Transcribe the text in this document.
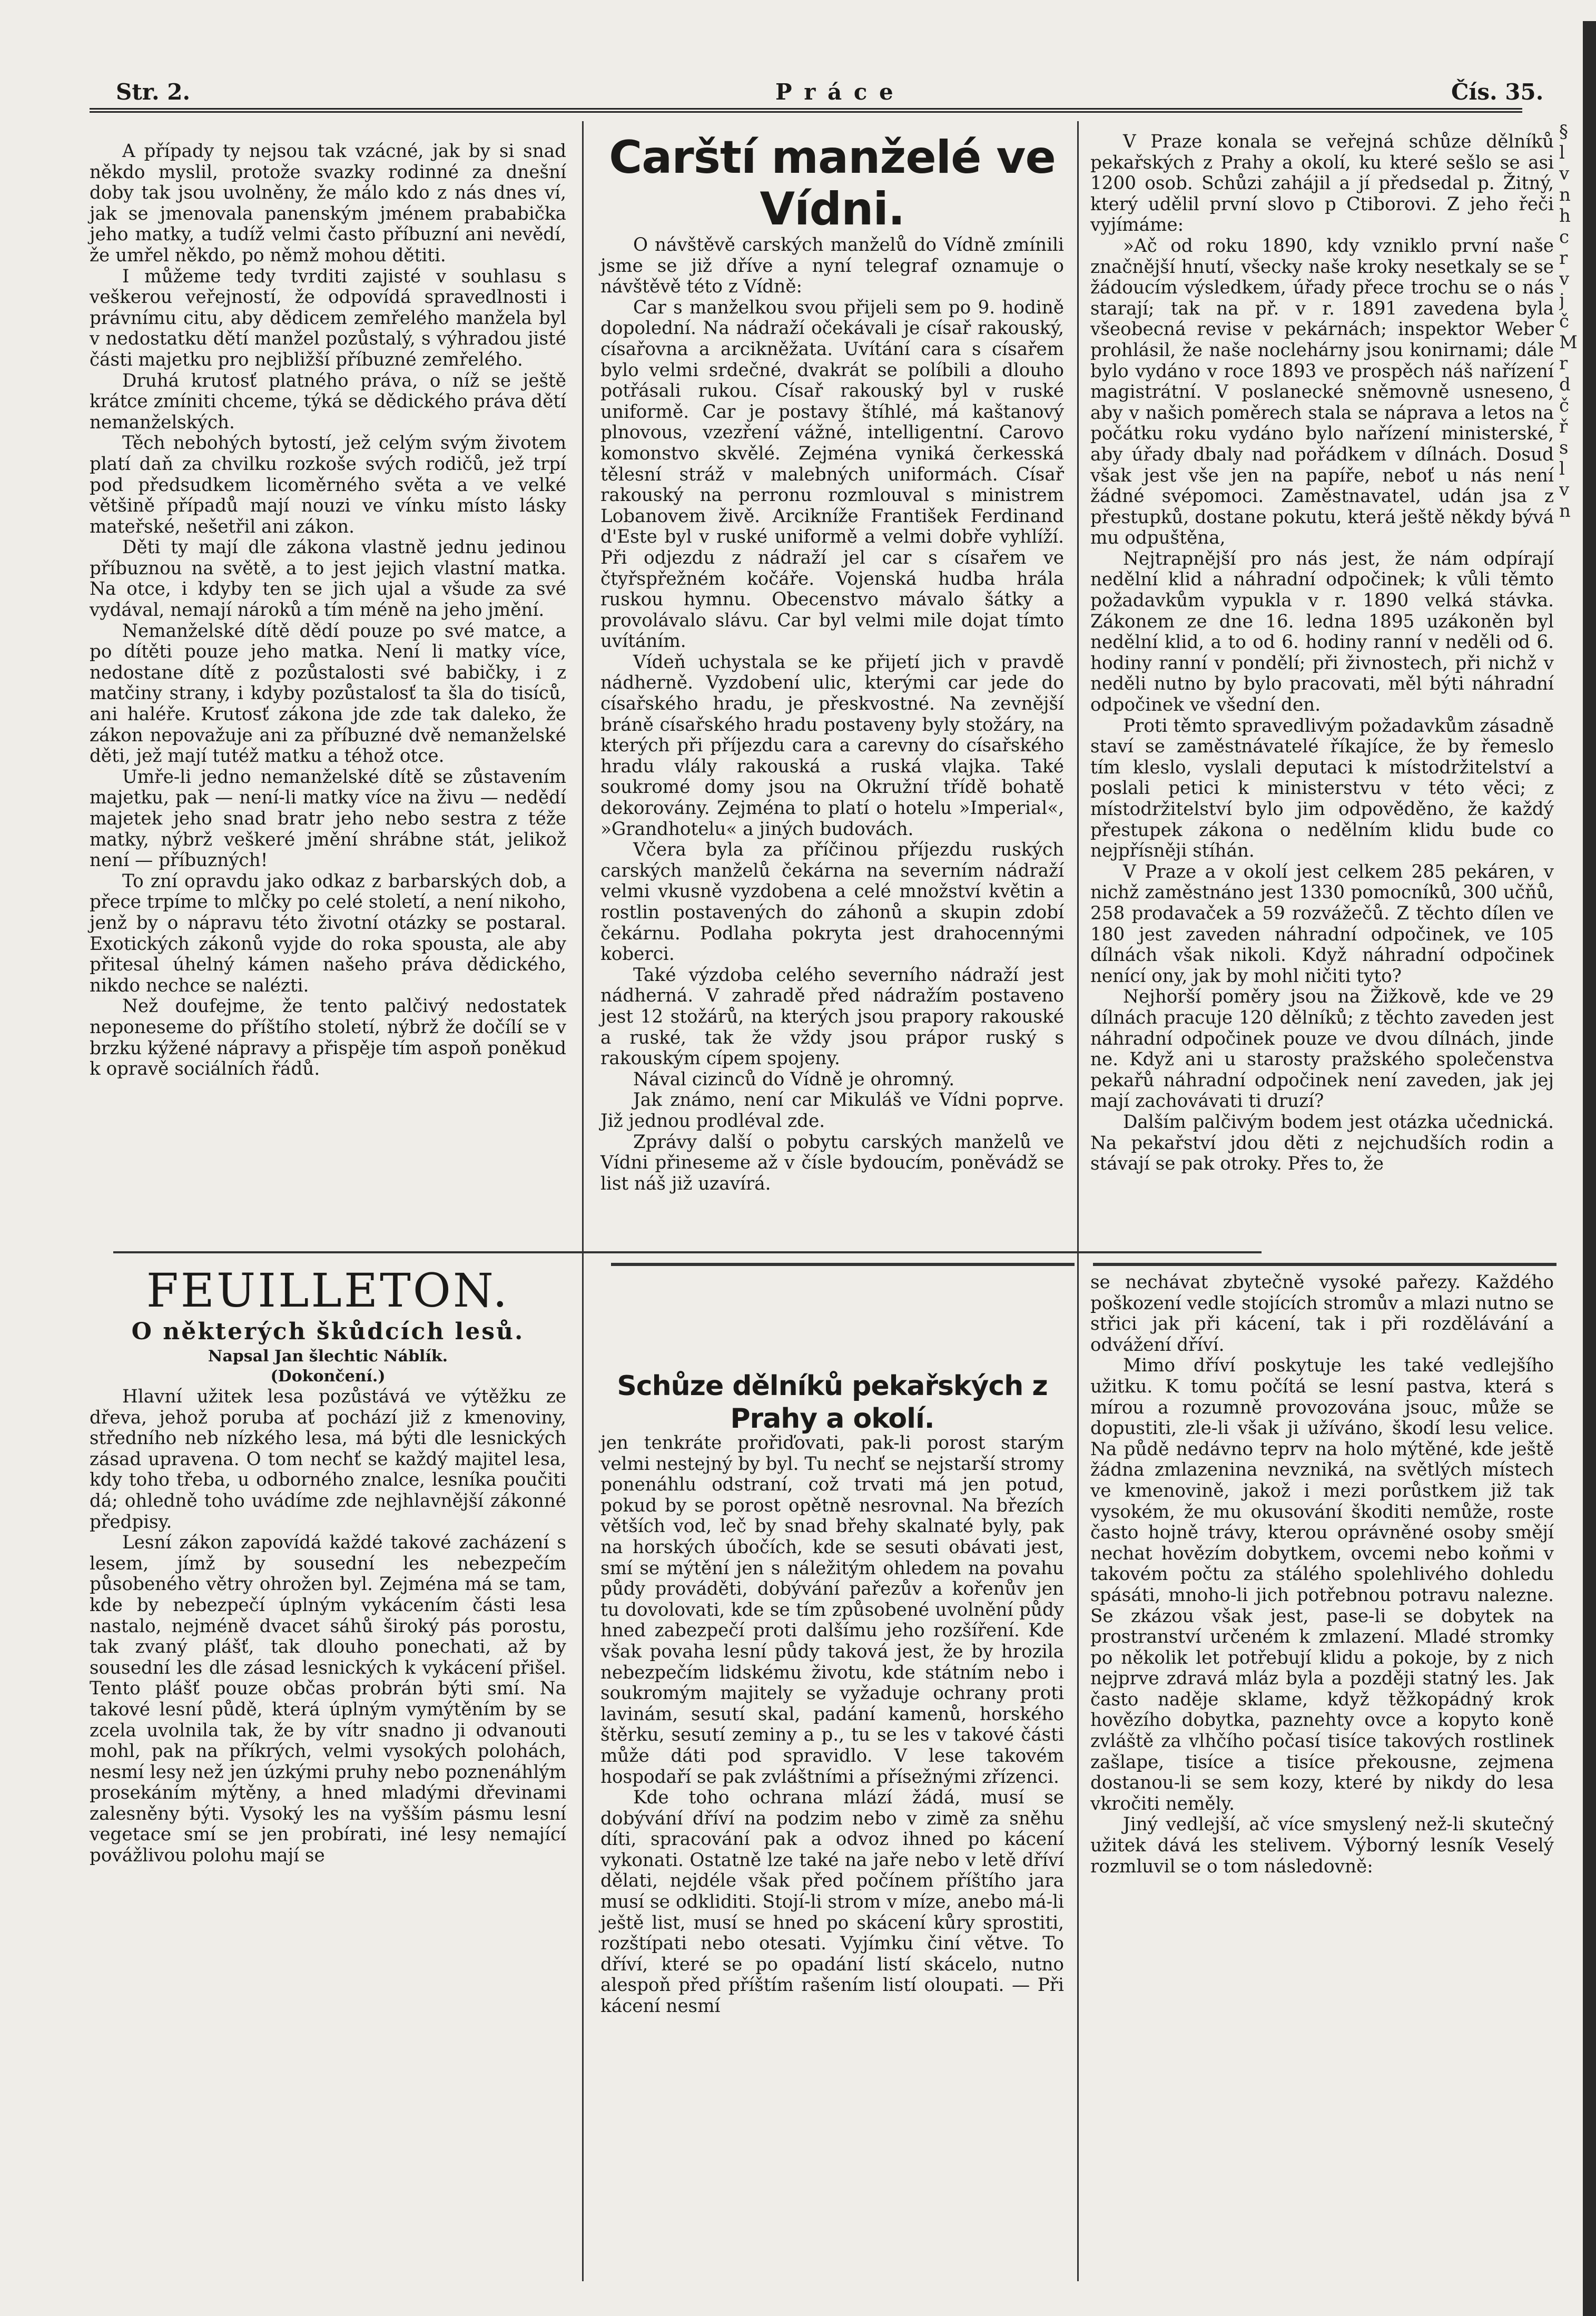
Str. 2.	P r á c e	Čís. 35.

A případy ty nejsou tak vzácné, jak by si snad někdo myslil, protože svazky rodinné za dnešní doby tak jsou uvolněny, že málo kdo z nás dnes ví, jak se jmenovala panenským jménem prababička jeho matky, a tudíž velmi často příbuzní ani nevědí, že umřel někdo, po němž mohou dětiti.

I můžeme tedy tvrditi zajisté v souhlasu s veškerou veřejností, že odpovídá spravedlnosti i právnímu citu, aby dědicem zemřelého manžela byl v nedostatku dětí manžel pozůstalý, s výhradou jisté části majetku pro nejbližší příbuzné zemřelého.

Druhá krutosť platného práva, o níž se ještě krátce zmíniti chceme, týká se dědického práva dětí nemanželských.

Těch nebohých bytostí, jež celým svým životem platí daň za chvilku rozkoše svých rodičů, jež trpí pod předsudkem licoměrného světa a ve velké většině případů mají nouzi ve vínku místo lásky mateřské, nešetřil ani zákon.

Děti ty mají dle zákona vlastně jednu jedinou příbuznou na světě, a to jest jejich vlastní matka. Na otce, i kdyby ten se jich ujal a všude za své vydával, nemají nároků a tím méně na jeho jmění.

Nemanželské dítě dědí pouze po své matce, a po dítěti pouze jeho matka. Není li matky více, nedostane dítě z pozůstalosti své babičky, i z matčiny strany, i kdyby pozůstalosť ta šla do tisíců, ani haléře. Krutosť zákona jde zde tak daleko, že zákon nepovažuje ani za příbuzné dvě nemanželské děti, jež mají tutéž matku a téhož otce.

Umře-li jedno nemanželské dítě se zůstavením majetku, pak — není-li matky více na živu — nedědí majetek jeho snad bratr jeho nebo sestra z téže matky, nýbrž veškeré jmění shrábne stát, jelikož není — příbuzných!

To zní opravdu jako odkaz z barbarských dob, a přece trpíme to mlčky po celé století, a není nikoho, jenž by o nápravu této životní otázky se postaral. Exotických zákonů vyjde do roka spousta, ale aby přitesal úhelný kámen našeho práva dědického, nikdo nechce se nalézti.

Než doufejme, že tento palčivý nedostatek neponeseme do příštího století, nýbrž že dočílí se v brzku kýžené nápravy a přispěje tím aspoň poněkud k opravě sociálních řádů.

FEUILLETON.
O některých škůdcích lesů.
Napsal Jan šlechtic Náblík.
(Dokončení.)

Hlavní užitek lesa pozůstává ve výtěžku ze dřeva, jehož poruba ať pochází již z kmenoviny, středního neb nízkého lesa, má býti dle lesnických zásad upravena. O tom nechť se každý majitel lesa, kdy toho třeba, u odborného znalce, lesníka poučiti dá; ohledně toho uvádíme zde nejhlavnější zákonné předpisy.

Lesní zákon zapovídá každé takové zacházení s lesem, jímž by sousední les nebezpečím působeného větry ohrožen byl. Zejména má se tam, kde by nebezpečí úplným vykácením části lesa nastalo, nejméně dvacet sáhů široký pás porostu, tak zvaný plášť, tak dlouho ponechati, až by sousední les dle zásad lesnických k vykácení přišel. Tento plášť pouze občas probrán býti smí. Na takové lesní půdě, která úplným vymýtěním by se zcela uvolnila tak, že by vítr snadno ji odvanouti mohl, pak na příkrých, velmi vysokých polohách, nesmí lesy než jen úzkými pruhy nebo poznenáhlým prosekáním mýtěny, a hned mladými dřevinami zalesněny býti. Vysoký les na vyšším pásmu lesní vegetace smí se jen probírati, iné lesy nemající povážlivou polohu mají se

Carští manželé ve Vídni.

O návštěvě carských manželů do Vídně zmínili jsme se již dříve a nyní telegraf oznamuje o návštěvě této z Vídně:

Car s manželkou svou přijeli sem po 9. hodině dopolední. Na nádraží očekávali je císař rakouský, císařovna a arcikněžata. Uvítání cara s císařem bylo velmi srdečné, dvakrát se políbili a dlouho potřásali rukou. Císař rakouský byl v ruské uniformě. Car je postavy štíhlé, má kaštanový plnovous, vzezření vážné, intelligentní. Carovo komonstvo skvělé. Zejména vyniká čerkesská tělesní stráž v malebných uniformách. Císař rakouský na perronu rozmlouval s ministrem Lobanovem živě. Arcikníže František Ferdinand d'Este byl v ruské uniformě a velmi dobře vyhlíží. Při odjezdu z nádraží jel car s císařem ve čtyřspřežném kočáře. Vojenská hudba hrála ruskou hymnu. Obecenstvo mávalo šátky a provolávalo slávu. Car byl velmi mile dojat tímto uvítáním.

Vídeň uchystala se ke přijetí jich v pravdě nádherně. Vyzdobení ulic, kterými car jede do císařského hradu, je přeskvostné. Na zevnější bráně císařského hradu postaveny byly stožáry, na kterých při příjezdu cara a carevny do císařského hradu vlály rakouská a ruská vlajka. Také soukromé domy jsou na Okružní třídě bohatě dekorovány. Zejména to platí o hotelu »Imperial«, »Grandhotelu« a jiných budovách.

Včera byla za příčinou příjezdu ruských carských manželů čekárna na severním nádraží velmi vkusně vyzdobena a celé množství květin a rostlin postavených do záhonů a skupin zdobí čekárnu. Podlaha pokryta jest drahocennými koberci.

Také výzdoba celého severního nádraží jest nádherná. V zahradě před nádražím postaveno jest 12 stožárů, na kterých jsou prapory rakouské a ruské, tak že vždy jsou prápor ruský s rakouským cípem spojeny.

Nával cizinců do Vídně je ohromný.

Jak známo, není car Mikuláš ve Vídni poprve. Již jednou prodléval zde.

Zprávy další o pobytu carských manželů ve Vídni přineseme až v čísle bydoucím, poněvádž se list náš již uzavírá.

Schůze dělníků pekařských z Prahy a okolí.

V Praze konala se veřejná schůze dělníků pekařských z Prahy a okolí, ku které sešlo se asi 1200 osob. Schůzi zahájil a jí předsedal p. Žitný, který udělil první slovo p Ctiborovi. Z jeho řeči vyjímáme:

»Ač od roku 1890, kdy vzniklo první naše značnější hnutí, všecky naše kroky nesetkaly se se žádoucím výsledkem, úřady přece trochu se o nás starají; tak na př. v r. 1891 zavedena byla všeobecná revise v pekárnách; inspektor Weber prohlásil, že naše noclehárny jsou konirnami; dále bylo vydáno v roce 1893 ve prospěch náš nařízení magistrátní. V poslanecké sněmovně usneseno, aby v našich poměrech stala se náprava a letos na počátku roku vydáno bylo nařízení ministerské, aby úřady dbaly nad pořádkem v dílnách. Dosud však jest vše jen na papíře, neboť u nás není žádné svépomoci. Zaměstnavatel, udán jsa z přestupků, dostane pokutu, která ještě někdy bývá mu odpuštěna,

Nejtrapnější pro nás jest, že nám odpírají nedělní klid a náhradní odpočinek; k vůli těmto požadavkům vypukla v r. 1890 velká stávka. Zákonem ze dne 16. ledna 1895 uzákoněn byl nedělní klid, a to od 6. hodiny ranní v neděli od 6. hodiny ranní v pondělí; při živnostech, při nichž v neděli nutno by bylo pracovati, měl býti náhradní odpočinek ve všední den.

Proti těmto spravedlivým požadavkům zásadně staví se zaměstnávatelé říkajíce, že by řemeslo tím kleslo, vyslali deputaci k místodržitelství a poslali petici k ministerstvu v této věci; z místodržitelství bylo jim odpověděno, že každý přestupek zákona o nedělním klidu bude co nejpřísněji stíhán.

V Praze a v okolí jest celkem 285 pekáren, v nichž zaměstnáno jest 1330 pomocníků, 300 učňů, 258 prodavaček a 59 rozvážečů. Z těchto dílen ve 180 jest zaveden náhradní odpočinek, ve 105 dílnách však nikoli. Když náhradní odpočinek nenící ony, jak by mohl ničiti tyto?

Nejhorší poměry jsou na Žižkově, kde ve 29 dílnách pracuje 120 dělníků; z těchto zaveden jest náhradní odpočinek pouze ve dvou dílnách, jinde ne. Když ani u starosty pražského společenstva pekařů náhradní odpočinek není zaveden, jak jej mají zachovávati ti druzí?

Dalším palčivým bodem jest otázka učednická. Na pekařství jdou děti z nejchudších rodin a stávají se pak otroky. Přes to, že

jen tenkráte prořiďovati, pak-li porost starým velmi nestejný by byl. Tu nechť se nejstarší stromy ponenáhlu odstraní, což trvati má jen potud, pokud by se porost opětně nesrovnal. Na březích větších vod, leč by snad břehy skalnaté byly, pak na horských úbočích, kde se sesuti obávati jest, smí se mýtění jen s náležitým ohledem na povahu půdy prováděti, dobývání pařezův a kořenův jen tu dovolovati, kde se tím způsobené uvolnění půdy hned zabezpečí proti dalšímu jeho rozšíření. Kde však povaha lesní půdy taková jest, že by hrozila nebezpečím lidskému životu, kde státním nebo i soukromým majitely se vyžaduje ochrany proti lavinám, sesutí skal, padání kamenů, horského štěrku, sesutí zeminy a p., tu se les v takové části může dáti pod spravidlo. V lese takovém hospodaří se pak zvláštními a přísežnými zřízenci.

Kde toho ochrana mlází žádá, musí se dobývání dříví na podzim nebo v zimě za sněhu díti, spracování pak a odvoz ihned po kácení vykonati. Ostatně lze také na jaře nebo v letě dříví dělati, nejdéle však před počínem příštího jara musí se odkliditi. Stojí-li strom v míze, anebo má-li ještě list, musí se hned po skácení kůry sprostiti, rozštípati nebo otesati. Vyjímku činí větve. To dříví, které se po opadání listí skácelo, nutno alespoň před příštím rašením listí oloupati. — Při kácení nesmí

se nechávat zbytečně vysoké pařezy. Každého poškození vedle stojících stromův a mlazi nutno se střici jak při kácení, tak i při rozdělávání a odvážení dříví.

Mimo dříví poskytuje les také vedlejšího užitku. K tomu počítá se lesní pastva, která s mírou a rozumně provozována jsouc, může se dopustiti, zle-li však ji užíváno, škodí lesu velice. Na půdě nedávno teprv na holo mýtěné, kde ještě žádna zmlazenina nevzniká, na světlých místech ve kmenovině, jakož i mezi porůstkem již tak vysokém, že mu okusování škoditi nemůže, roste často hojně trávy, kterou oprávněné osoby smějí nechat hovězím dobytkem, ovcemi nebo koňmi v takovém počtu za stálého spolehlivého dohledu spásáti, mnoho-li jich potřebnou potravu nalezne. Se zkázou však jest, pase-li se dobytek na prostranství určeném k zmlazení. Mladé stromky po několik let potřebují klidu a pokoje, by z nich nejprve zdravá mláz byla a později statný les. Jak často naděje sklame, když těžkopádný krok hovězího dobytka, paznehty ovce a kopyto koně zvláště za vlhčího počasí tisíce takových rostlinek zašlape, tisíce a tisíce překousne, zejmena dostanou-li se sem kozy, které by nikdy do lesa vkročiti neměly.

Jiný vedlejší, ač více smyslený než-li skutečný užitek dává les stelivem. Výborný lesník Veselý rozmluvil se o tom následovně:

§
l
v
n
h
c
r
v
j
č
M
r
d
č
ř
s
l
v
n
